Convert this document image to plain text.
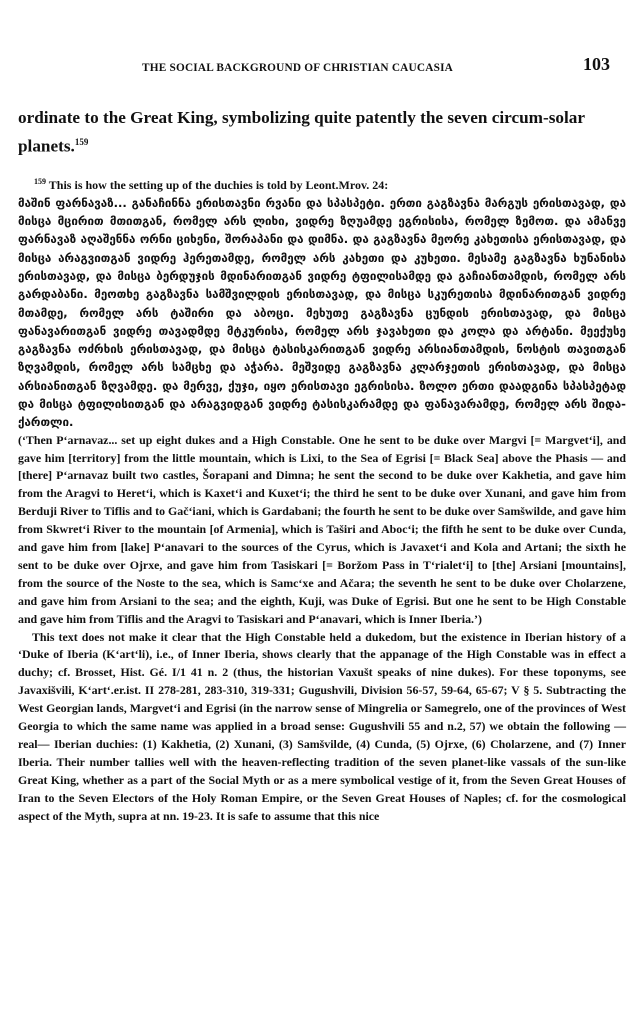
THE SOCIAL BACKGROUND OF CHRISTIAN CAUCASIA	103
ordinate to the Great King, symbolizing quite patently the seven circum-solar planets.$^{159}$

$^{159}$ This is how the setting up of the duchies is told by Leont.Mrov. 24:

მაშინ ფარნავაზ... განაჩინნა ერისთავნი რვანი და სპასპეტი. ერთი გაგზავნა მარგუს ერისთავად, და მისცა მცირით მთითგან, რომელ არს ლიხი, ვიდრე ზღუამდე ეგრისისა, რომელ ზემოთ. და ამანვე ფარნავაზ აღაშენნა ორნი ციხენი, შორაპანი და დიმნა. და გაგზავნა მეორე კახეთისა ერისთავად, და მისცა არაგვითგან ვიდრე ჰერეთამდე, რომელ არს კახეთი და კუხეთი. მესამე გაგზავნა ხუნანისა ერისთავად, და მისცა ბერდუჯის მდინარითგან ვიდრე ტფილისამდე და გაჩიანთამდის, რომელ არს გარდაბანი. მეოთხე გაგზავნა სამშვილდის ერისთავად, და მისცა სკურეთისა მდინარითგან ვიდრე მთამდე, რომელ არს ტაშირი და აბოცი. მეხუთე გაგზავნა ცუნდის ერისთავად, და მისცა ფანავარითგან ვიდრე თავადმდე მტკურისა, რომელ არს ჯავახეთი და კოლა და არტანი. მეექუსე გაგზავნა ოძრხის ერისთავად, და მისცა ტასისკარითგან ვიდრე არსიანთამდის, ნოსტის თავითგან ზღვამდის, რომელ არს სამცხე და აჭარა. მეშვიდე გაგზავნა კლარჯეთის ერისთავად, და მისცა არსიანითგან ზღვამდე. და მერვე, ქუჯი, იყო ერისთავი ეგრისისა. ზოლო ერთი დაადგინა სპასპეტად და მისცა ტფილისითგან და არაგვიდგან ვიდრე ტასისკარამდე და ფანავარამდე, რომელ არს შიდა-ქართლი.

(‘Then Pʻarnavaz... set up eight dukes and a High Constable. One he sent to be duke over Margvi [= Margvetʻi], and gave him [territory] from the little mountain, which is Lixi, to the Sea of Egrisi [= Black Sea] above the Phasis — and [there] Pʻarnavaz built two castles, Šorapani and Dimna; he sent the second to be duke over Kakhetia, and gave him from the Aragvi to Heretʻi, which is Kaxetʻi and Kuxetʻi; the third he sent to be duke over Xunani, and gave him from Berduji River to Tiflis and to Gačʻiani, which is Gardabani; the fourth he sent to be duke over Samšwilde, and gave him from Skwretʻi River to the mountain [of Armenia], which is Taširi and Abocʻi; the fifth he sent to be duke over Cunda, and gave him from [lake] Pʻanavari to the sources of the Cyrus, which is Javaxetʻi and Kola and Artani; the sixth he sent to be duke over Ojrxe, and gave him from Tasiskari [= Boržom Pass in Tʻrialetʻi] to [the] Arsiani [mountains], from the source of the Noste to the sea, which is Samcʻxe and Ačara; the seventh he sent to be duke over Cholarzene, and gave him from Arsiani to the sea; and the eighth, Kuji, was Duke of Egrisi. But one he sent to be High Constable and gave him from Tiflis and the Aragvi to Tasiskari and Pʻanavari, which is Inner Iberia.’)

This text does not make it clear that the High Constable held a dukedom, but the existence in Iberian history of a ‘Duke of Iberia (Kʻartʻli), i.e., of Inner Iberia, shows clearly that the appanage of the High Constable was in effect a duchy; cf. Brosset, Hist. Gé. I/1 41 n. 2 (thus, the historian Vaxušt speaks of nine dukes). For these toponyms, see Javaxišvili, Kʻartʻ.er.ist. II 278-281, 283-310, 319-331; Gugushvili, Division 56-57, 59-64, 65-67; V § 5. Subtracting the West Georgian lands, Margvetʻi and Egrisi (in the narrow sense of Mingrelia or Samegrelo, one of the provinces of West Georgia to which the same name was applied in a broad sense: Gugushvili 55 and n.2, 57) we obtain the following — real— Iberian duchies: (1) Kakhetia, (2) Xunani, (3) Samšvilde, (4) Cunda, (5) Ojrxe, (6) Cholarzene, and (7) Inner Iberia. Their number tallies well with the heaven-reflecting tradition of the seven planet-like vassals of the sun-like Great King, whether as a part of the Social Myth or as a mere symbolical vestige of it, from the Seven Great Houses of Iran to the Seven Electors of the Holy Roman Empire, or the Seven Great Houses of Naples; cf. for the cosmological aspect of the Myth, supra at nn. 19-23. It is safe to assume that this nice
